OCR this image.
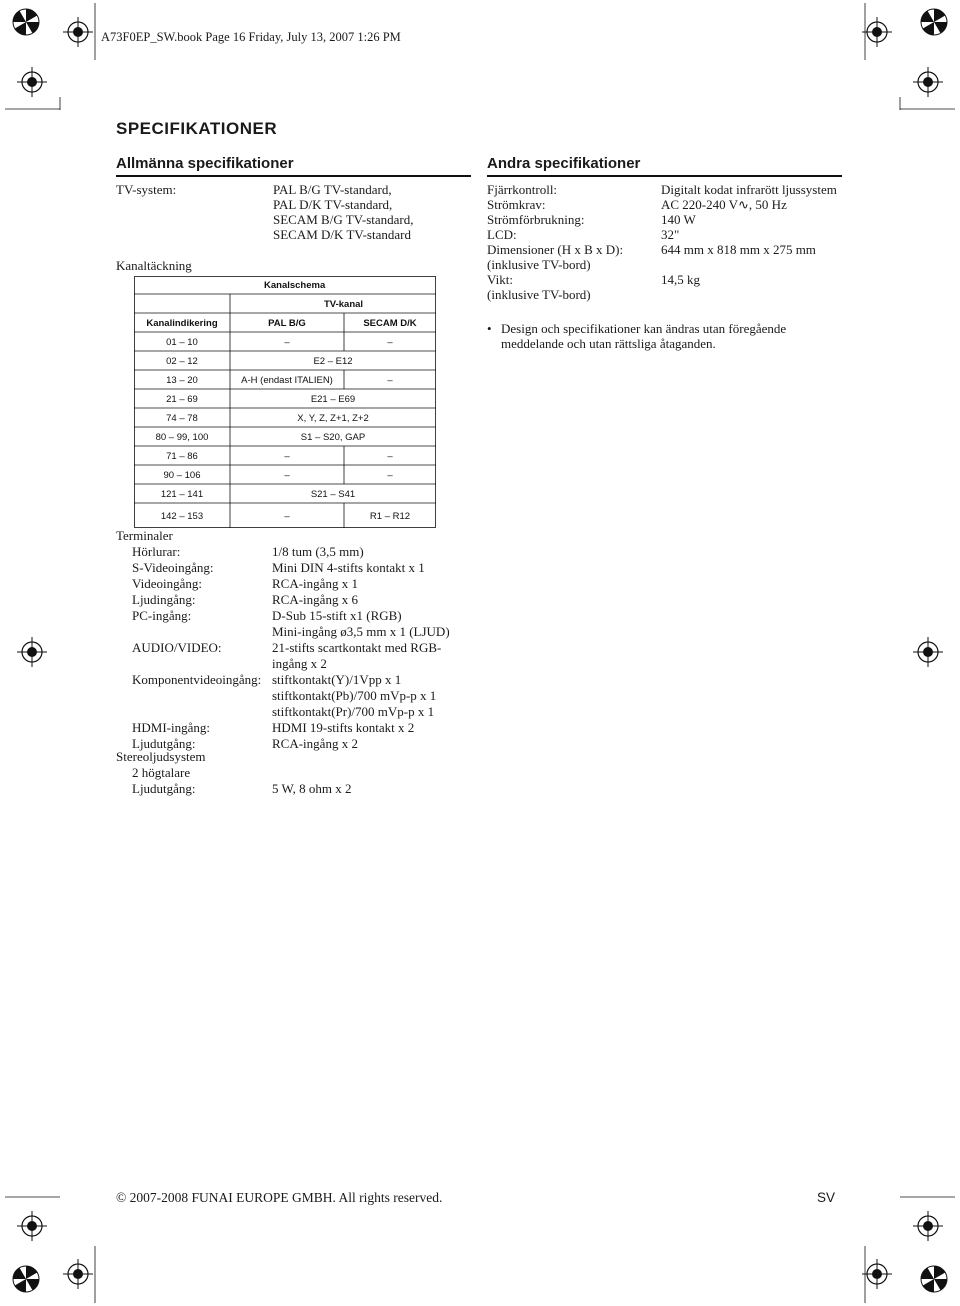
A73F0EP_SW.book Page 16 Friday, July 13, 2007 1:26 PM
SPECIFIKATIONER
Allmänna specifikationer
TV-system:	PAL B/G TV-standard,
PAL D/K TV-standard,
SECAM B/G TV-standard,
SECAM D/K TV-standard
Kanaltäckning
Kanalschema
TV-kanal
Kanalindikering	PAL B/G	SECAM D/K
01 – 10	–	–
02 – 12	E2 – E12
13 – 20	A-H (endast ITALIEN)	–
21 – 69	E21 – E69
74 – 78	X, Y, Z, Z+1, Z+2
80 – 99, 100	S1 – S20, GAP
71 – 86	–	–
90 – 106	–	–
121 – 141	S21 – S41
142 – 153	–	R1 – R12
Terminaler
Hörlurar:	1/8 tum (3,5 mm)
S-Videoingång:	Mini DIN 4-stifts kontakt x 1
Videoingång:	RCA-ingång x 1
Ljudingång:	RCA-ingång x 6
PC-ingång:	D-Sub 15-stift x1 (RGB)
Mini-ingång ø3,5 mm x 1 (LJUD)
AUDIO/VIDEO:	21-stifts scartkontakt med RGB-
ingång x 2
Komponentvideoingång: stiftkontakt(Y)/1Vpp x 1
stiftkontakt(Pb)/700 mVp-p x 1
stiftkontakt(Pr)/700 mVp-p x 1
HDMI-ingång:	HDMI 19-stifts kontakt x 2
Ljudutgång:	RCA-ingång x 2
Stereoljudsystem
2 högtalare
Ljudutgång:	5 W, 8 ohm x 2
Andra specifikationer
Fjärrkontroll:	Digitalt kodat infrarött ljussystem
Strömkrav:	AC 220-240 V∿, 50 Hz
Strömförbrukning:	140 W
LCD:	32"
Dimensioner (H x B x D):	644 mm x 818 mm x 275 mm
(inklusive TV-bord)
Vikt:	14,5 kg
(inklusive TV-bord)
• Design och specifikationer kan ändras utan föregående
meddelande och utan rättsliga åtaganden.
© 2007-2008 FUNAI EUROPE GMBH. All rights reserved.	SV
